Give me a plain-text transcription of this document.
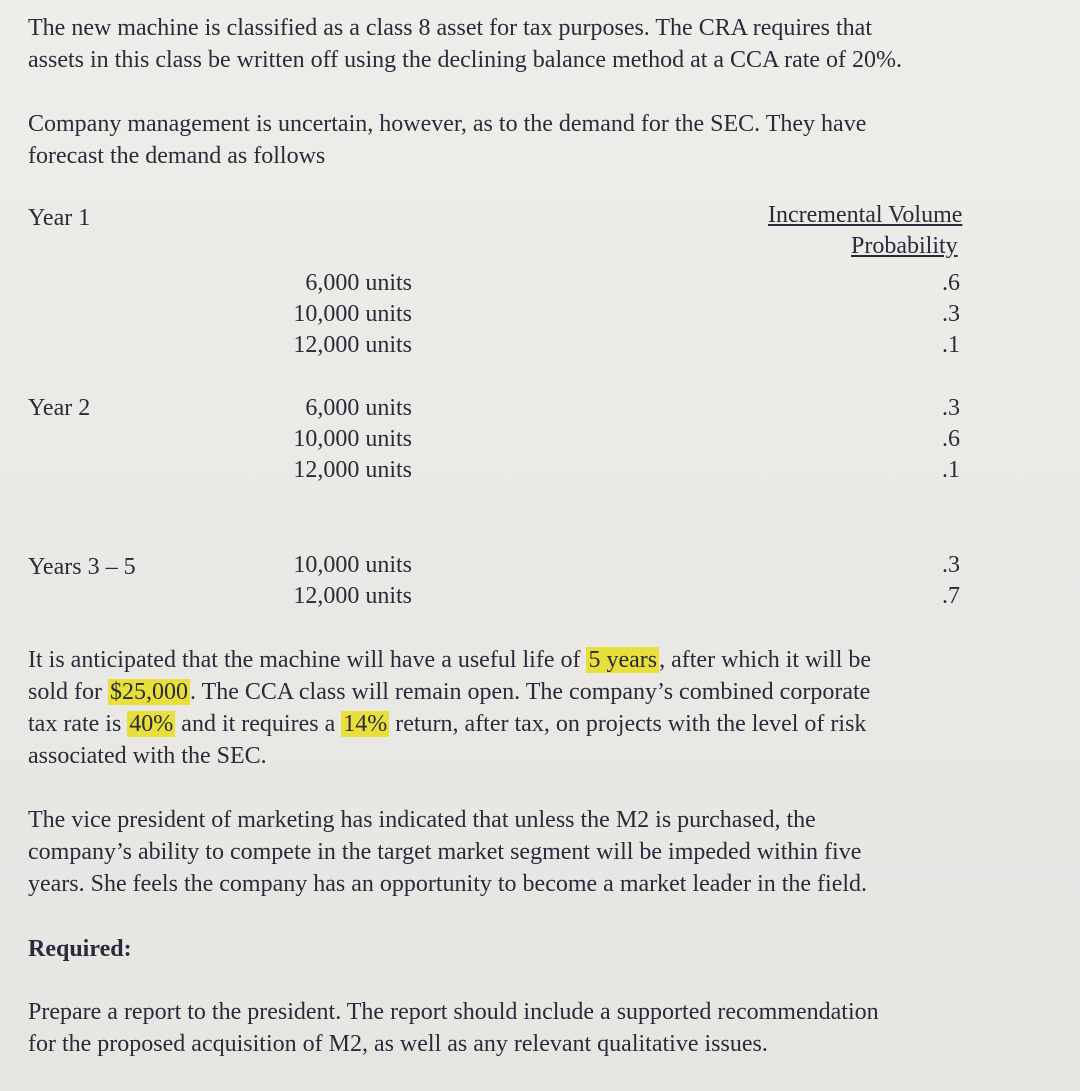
The new machine is classified as a class 8 asset for tax purposes. The CRA requires that
assets in this class be written off using the declining balance method at a CCA rate of 20%.

Company management is uncertain, however, as to the demand for the SEC. They have
forecast the demand as follows

Incremental Volume
Probability
Year 1
6,000 units
10,000 units
12,000 units
.6
.3
.1
Year 2	6,000 units
10,000 units
12,000 units
.3
.6
.1
Years 3 – 5	10,000 units
12,000 units
.3
.7

It is anticipated that the machine will have a useful life of 5 years, after which it will be
sold for $25,000. The CCA class will remain open. The company’s combined corporate
tax rate is 40% and it requires a 14% return, after tax, on projects with the level of risk
associated with the SEC.

The vice president of marketing has indicated that unless the M2 is purchased, the
company’s ability to compete in the target market segment will be impeded within five
years. She feels the company has an opportunity to become a market leader in the field.

Required:

Prepare a report to the president. The report should include a supported recommendation
for the proposed acquisition of M2, as well as any relevant qualitative issues.
